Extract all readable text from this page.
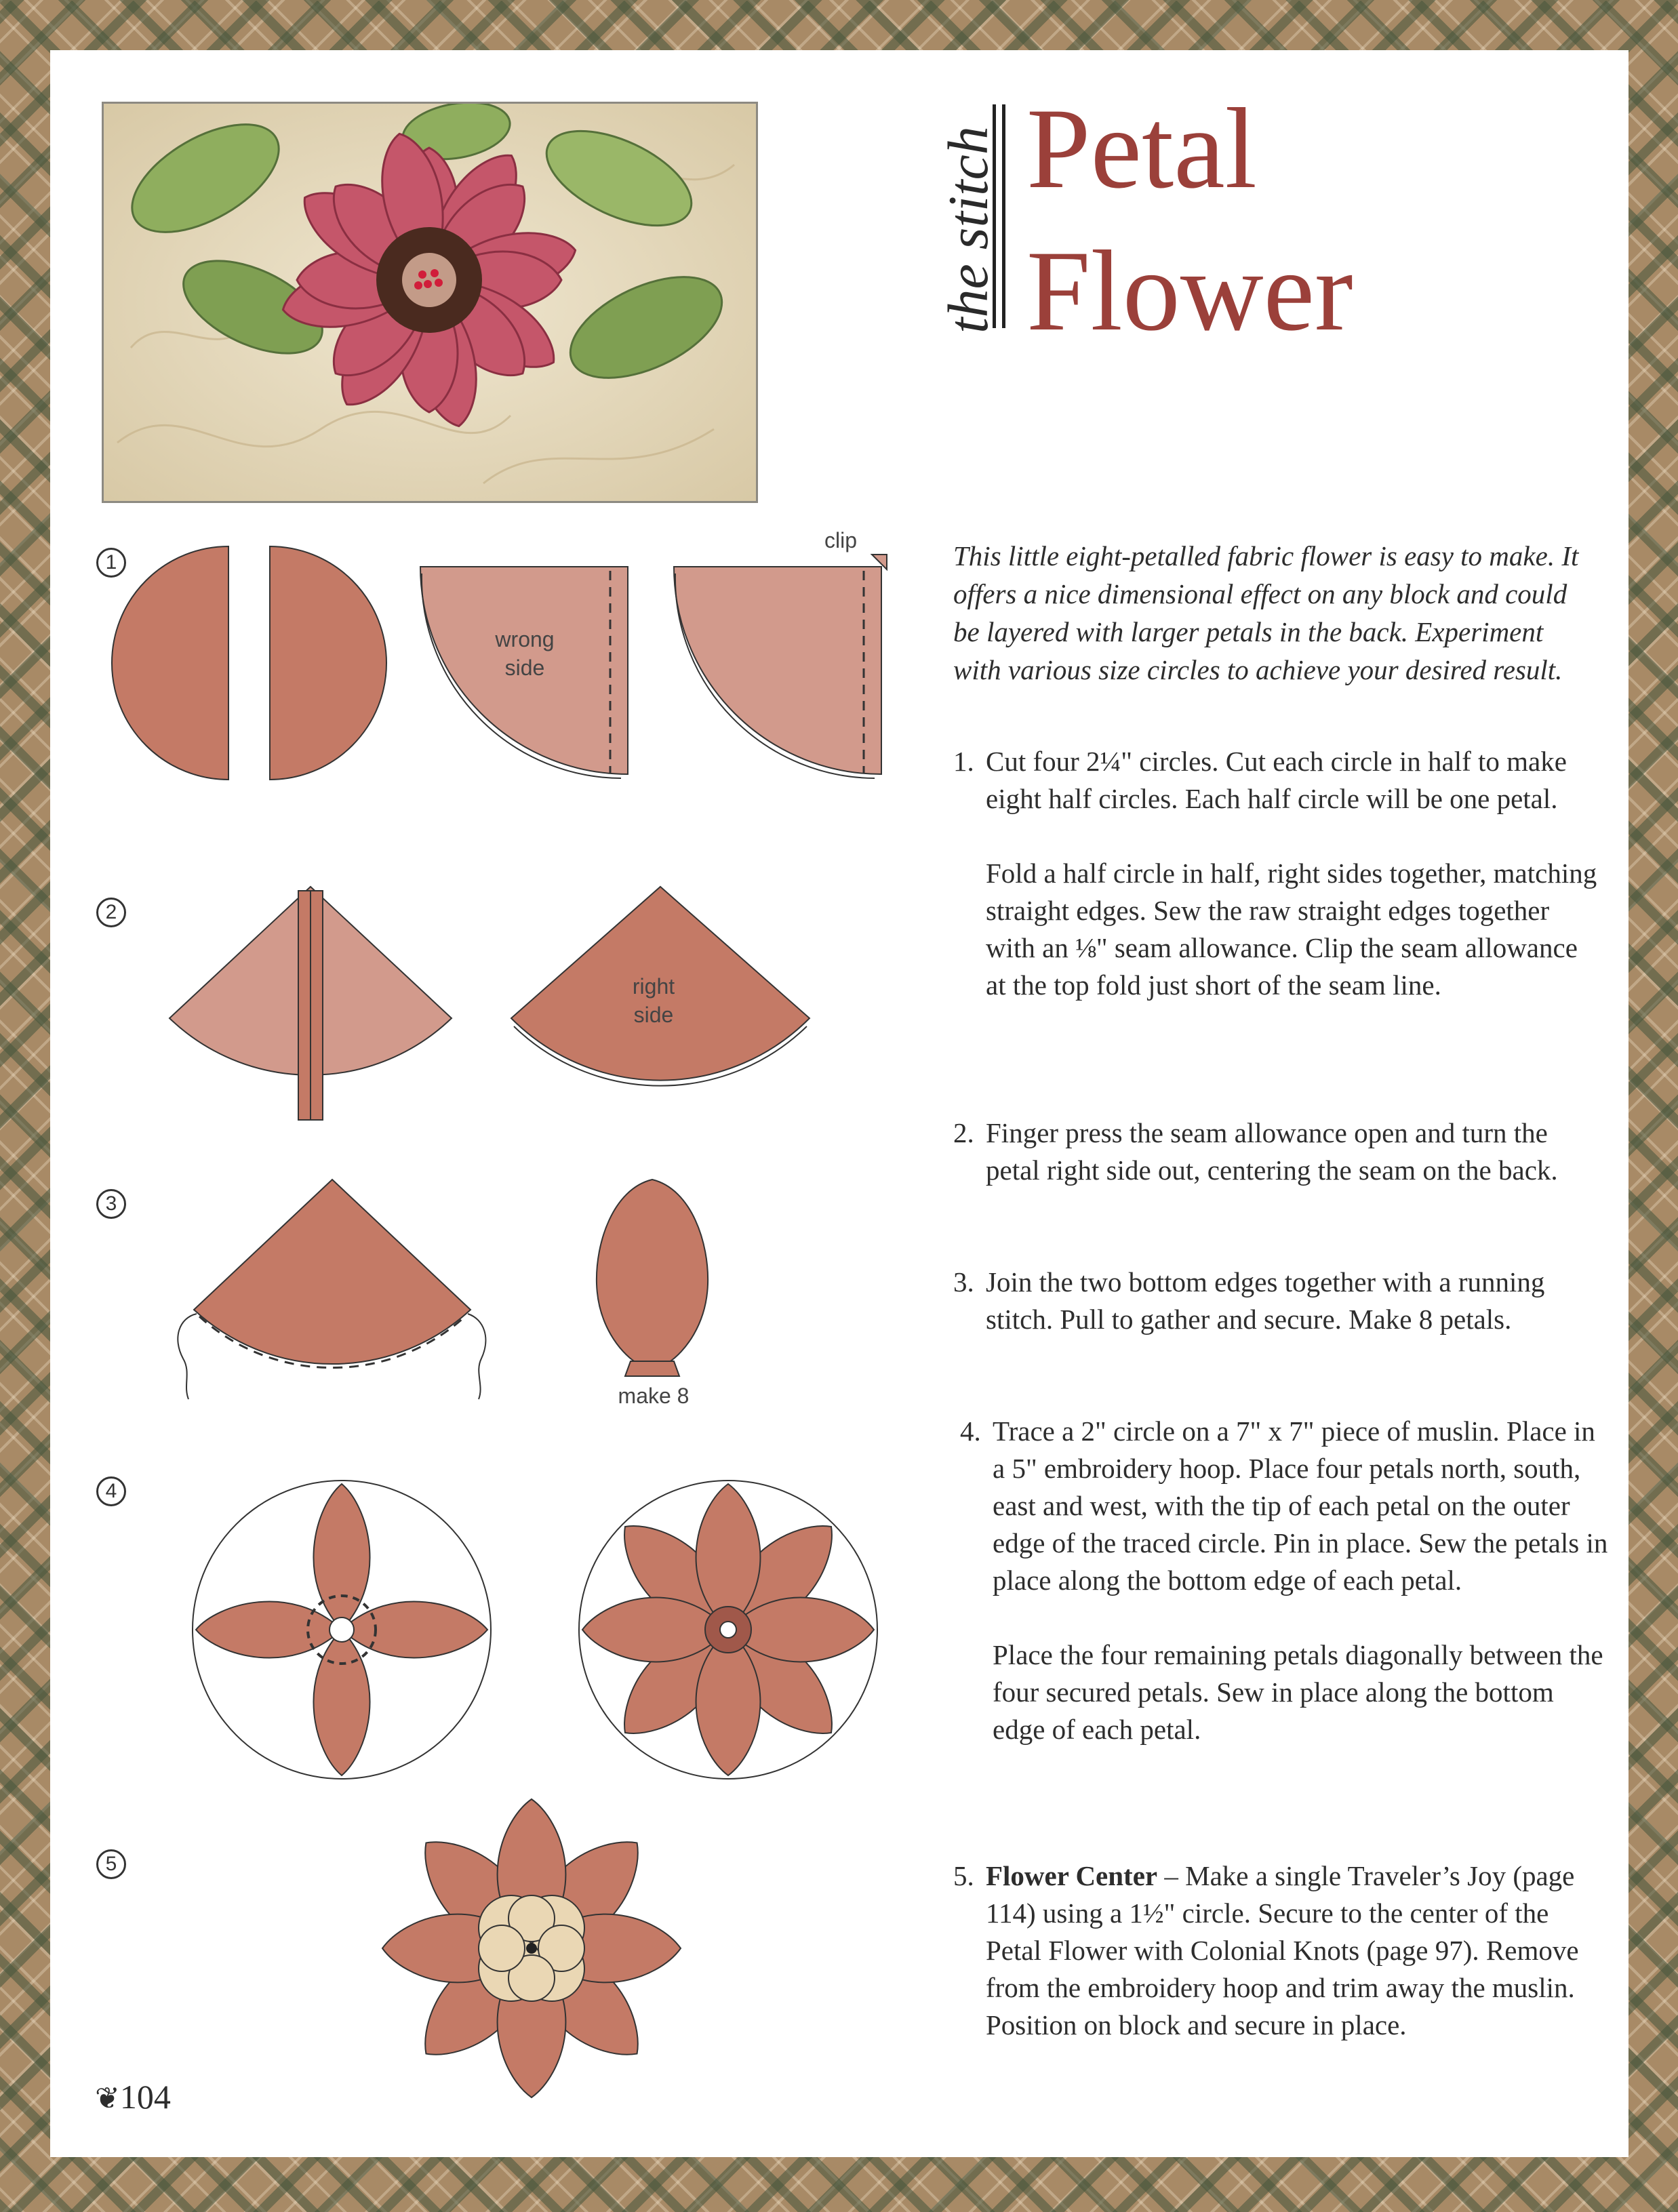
the stitch Petal
Flower
1
2
3
4
5
clip
wrong
side
right
side
make 8
This little eight-petalled fabric flower is easy to make. It offers a nice dimensional effect on any block and could be layered with larger petals in the back. Experiment with various size circles to achieve your desired result.
1. Cut four 2¼" circles. Cut each circle in half to make eight half circles. Each half circle will be one petal.
Fold a half circle in half, right sides together, matching straight edges. Sew the raw straight edges together with an ⅛" seam allowance. Clip the seam allowance at the top fold just short of the seam line.
2. Finger press the seam allowance open and turn the petal right side out, centering the seam on the back.
3. Join the two bottom edges together with a running stitch. Pull to gather and secure. Make 8 petals.
4. Trace a 2" circle on a 7" x 7" piece of muslin. Place in a 5" embroidery hoop. Place four petals north, south, east and west, with the tip of each petal on the outer edge of the traced circle. Pin in place. Sew the petals in place along the bottom edge of each petal.
Place the four remaining petals diagonally between the four secured petals. Sew in place along the bottom edge of each petal.
5. Flower Center – Make a single Traveler’s Joy (page 114) using a 1½" circle. Secure to the center of the Petal Flower with Colonial Knots (page 97). Remove from the embroidery hoop and trim away the muslin. Position on block and secure in place.
❦104
